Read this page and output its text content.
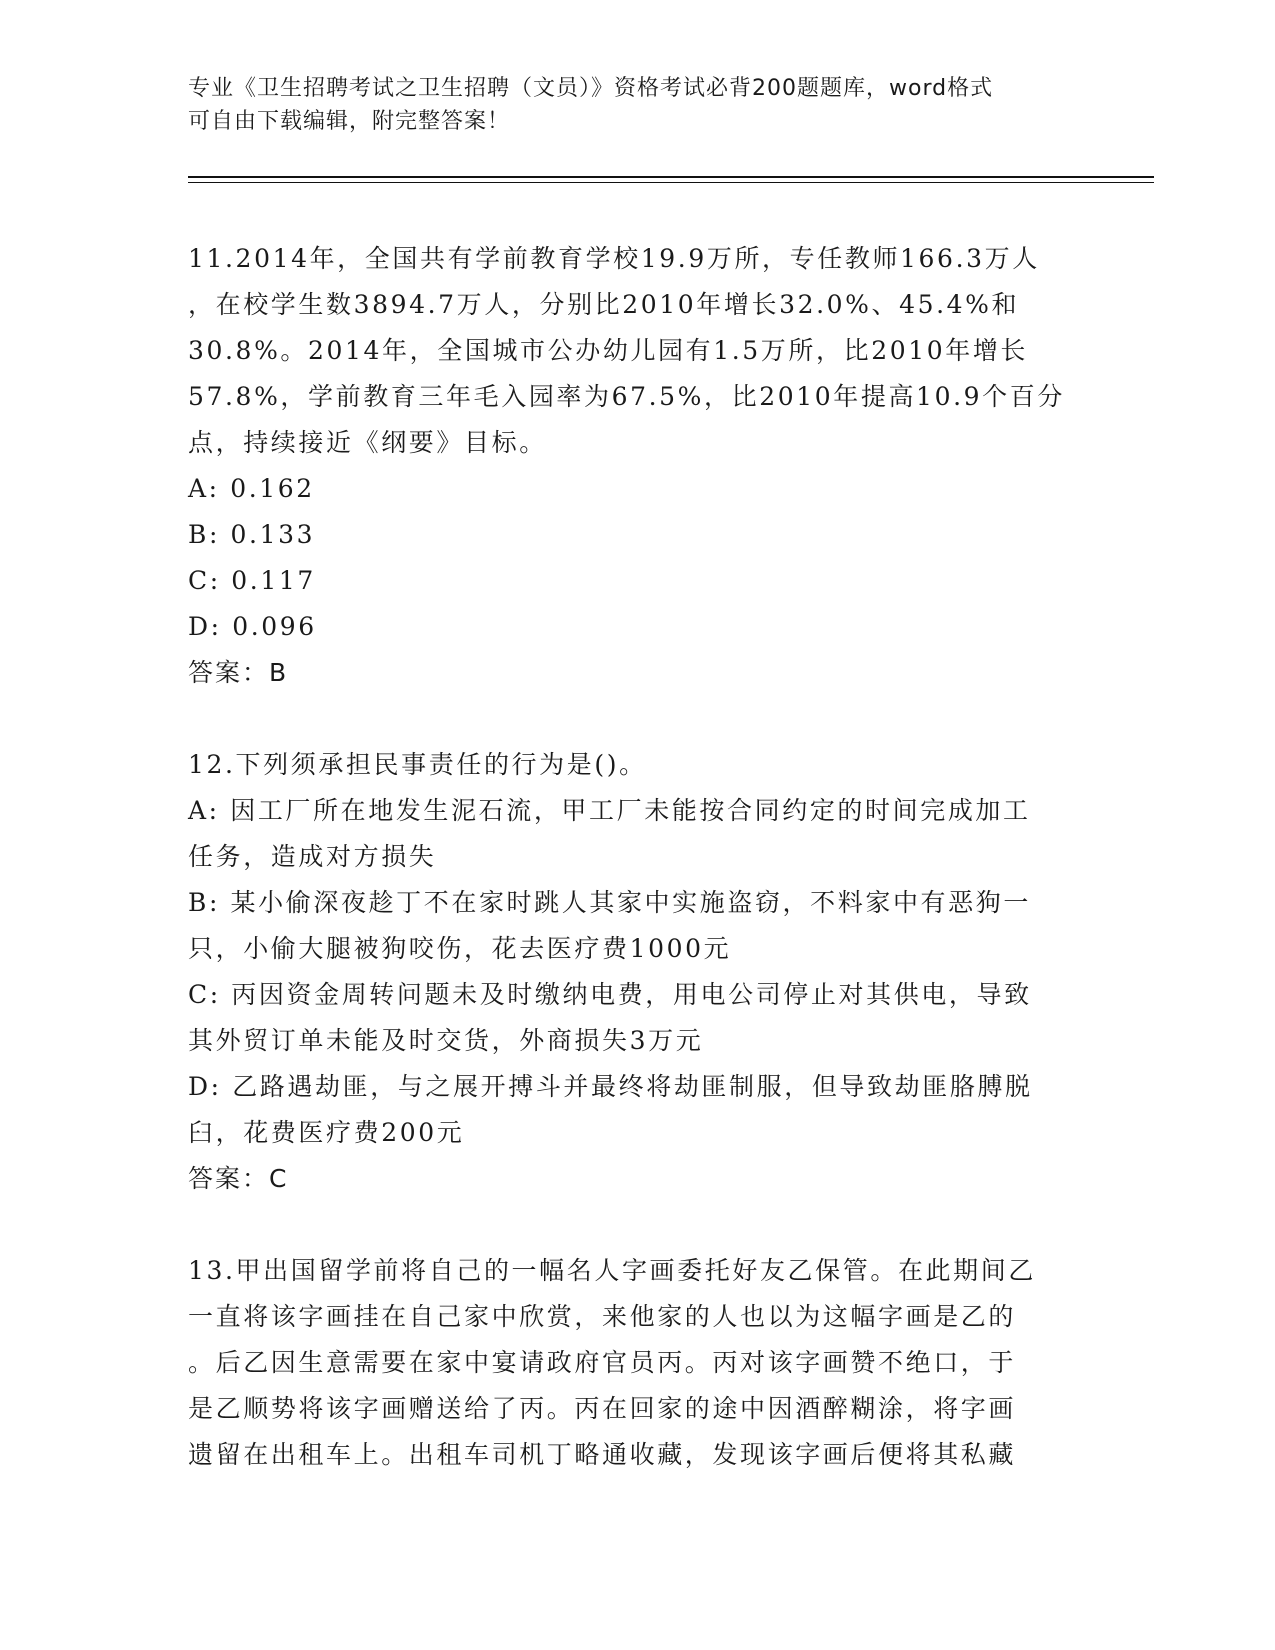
专业《卫生招聘考试之卫生招聘（文员）》资格考试必背200题题库，word格式
可自由下载编辑，附完整答案！
11.2014年，全国共有学前教育学校19.9万所，专任教师166.3万人
，在校学生数3894.7万人，分别比2010年增长32.0%、45.4%和
30.8%。2014年，全国城市公办幼儿园有1.5万所，比2010年增长
57.8%，学前教育三年毛入园率为67.5%，比2010年提高10.9个百分
点，持续接近《纲要》目标。
A: 0.162
B: 0.133
C: 0.117
D: 0.096
答案：B
12.下列须承担民事责任的行为是()。
A: 因工厂所在地发生泥石流，甲工厂未能按合同约定的时间完成加工
任务，造成对方损失
B: 某小偷深夜趁丁不在家时跳人其家中实施盗窃，不料家中有恶狗一
只，小偷大腿被狗咬伤，花去医疗费1000元
C: 丙因资金周转问题未及时缴纳电费，用电公司停止对其供电，导致
其外贸订单未能及时交货，外商损失3万元
D: 乙路遇劫匪，与之展开搏斗并最终将劫匪制服，但导致劫匪胳膊脱
臼，花费医疗费200元
答案：C
13.甲出国留学前将自己的一幅名人字画委托好友乙保管。在此期间乙
一直将该字画挂在自己家中欣赏，来他家的人也以为这幅字画是乙的
。后乙因生意需要在家中宴请政府官员丙。丙对该字画赞不绝口，于
是乙顺势将该字画赠送给了丙。丙在回家的途中因酒醉糊涂，将字画
遗留在出租车上。出租车司机丁略通收藏，发现该字画后便将其私藏
